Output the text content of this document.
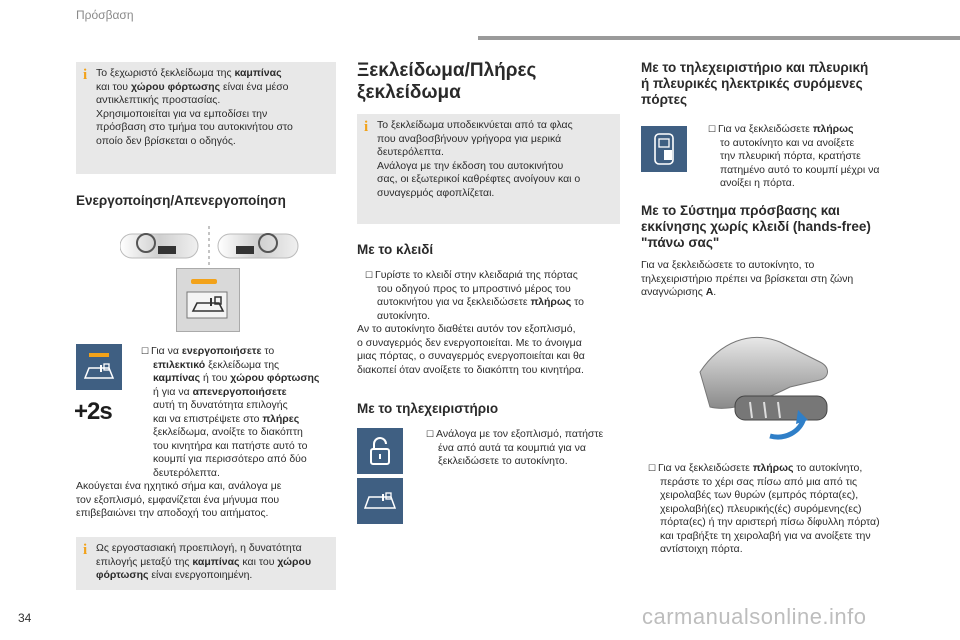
Πρόσβαση
i Το ξεχωριστό ξεκλείδωμα της καμπίνας
και του χώρου φόρτωσης είναι ένα μέσο
αντικλεπτικής προστασίας.
Χρησιμοποιείται για να εμποδίσει την
πρόσβαση στο τμήμα του αυτοκινήτου στο
οποίο δεν βρίσκεται ο οδηγός.
Ενεργοποίηση/Απενεργοποίηση
+2s
☐ Για να ενεργοποιήσετε το
επιλεκτικό ξεκλείδωμα της
καμπίνας ή του χώρου φόρτωσης
ή για να απενεργοποιήσετε
αυτή τη δυνατότητα επιλογής
και να επιστρέψετε στο πλήρες
ξεκλείδωμα, ανοίξτε το διακόπτη
του κινητήρα και πατήστε αυτό το
κουμπί για περισσότερο από δύο
δευτερόλεπτα.
Ακούγεται ένα ηχητικό σήμα και, ανάλογα με
τον εξοπλισμό, εμφανίζεται ένα μήνυμα που
επιβεβαιώνει την αποδοχή του αιτήματος.
i Ως εργοστασιακή προεπιλογή, η δυνατότητα
επιλογής μεταξύ της καμπίνας και του χώρου
φόρτωσης είναι ενεργοποιημένη.
Ξεκλείδωμα/Πλήρες
ξεκλείδωμα
i Το ξεκλείδωμα υποδεικνύεται από τα φλας
που αναβοσβήνουν γρήγορα για μερικά
δευτερόλεπτα.
Ανάλογα με την έκδοση του αυτοκινήτου
σας, οι εξωτερικοί καθρέφτες ανοίγουν και ο
συναγερμός αφοπλίζεται.
Με το κλειδί
☐ Γυρίστε το κλειδί στην κλειδαριά της πόρτας
του οδηγού προς το μπροστινό μέρος του
αυτοκινήτου για να ξεκλειδώσετε πλήρως το
αυτοκίνητο.
Αν το αυτοκίνητο διαθέτει αυτόν τον εξοπλισμό,
ο συναγερμός δεν ενεργοποιείται. Με το άνοιγμα
μιας πόρτας, ο συναγερμός ενεργοποιείται και θα
διακοπεί όταν ανοίξετε το διακόπτη του κινητήρα.
Με το τηλεχειριστήριο
☐ Ανάλογα με τον εξοπλισμό, πατήστε
ένα από αυτά τα κουμπιά για να
ξεκλειδώσετε το αυτοκίνητο.
Με το τηλεχειριστήριο και πλευρική
ή πλευρικές ηλεκτρικές συρόμενες
πόρτες
☐ Για να ξεκλειδώσετε πλήρως
το αυτοκίνητο και να ανοίξετε
την πλευρική πόρτα, κρατήστε
πατημένο αυτό το κουμπί μέχρι να
ανοίξει η πόρτα.
Με το Σύστημα πρόσβασης και
εκκίνησης χωρίς κλειδί (hands-free)
"πάνω σας"
Για να ξεκλειδώσετε το αυτοκίνητο, το
τηλεχειριστήριο πρέπει να βρίσκεται στη ζώνη
αναγνώρισης A.
☐ Για να ξεκλειδώσετε πλήρως το αυτοκίνητο,
περάστε το χέρι σας πίσω από μια από τις
χειρολαβές των θυρών (εμπρός πόρτα(ες),
χειρολαβή(ες) πλευρικής(ές) συρόμενης(ες)
πόρτα(ες) ή την αριστερή πίσω δίφυλλη πόρτα)
και τραβήξτε τη χειρολαβή για να ανοίξετε την
αντίστοιχη πόρτα.
34	carmanualsonline.info
